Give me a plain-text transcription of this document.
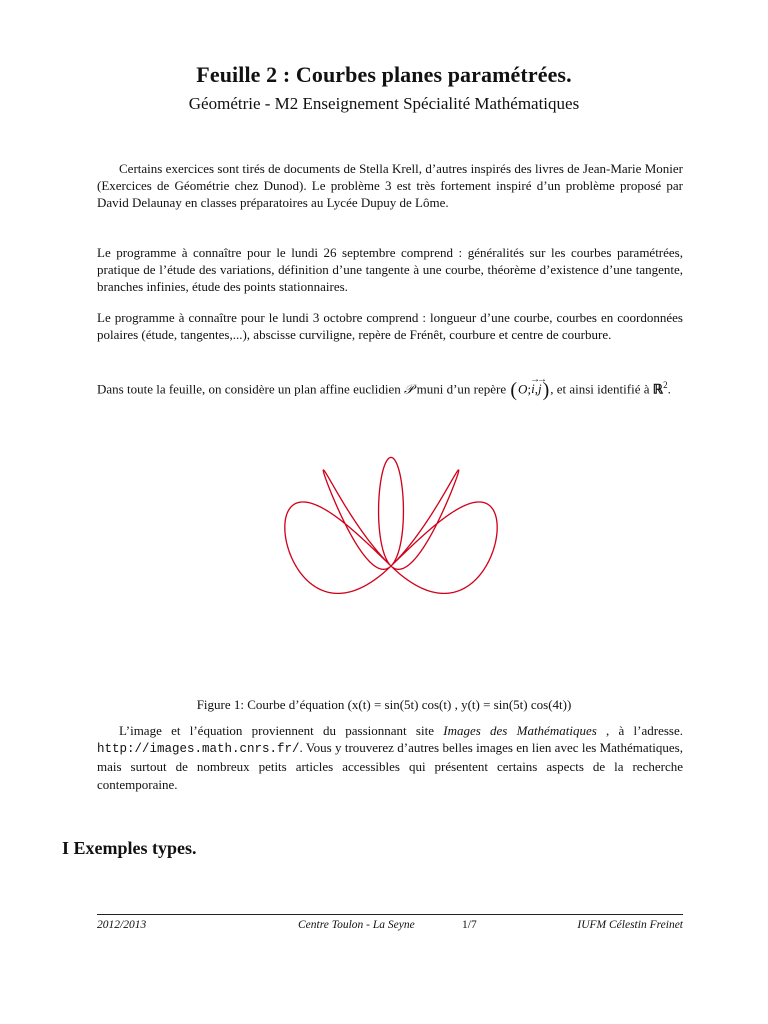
Feuille 2 : Courbes planes paramétrées.
Géométrie - M2 Enseignement Spécialité Mathématiques

Certains exercices sont tirés de documents de Stella Krell, d’autres inspirés des livres de Jean-Marie Monier (Exercices de Géométrie chez Dunod). Le problème 3 est très fortement inspiré d’un problème proposé par David Delaunay en classes préparatoires au Lycée Dupuy de Lôme.

Le programme à connaître pour le lundi 26 septembre comprend : généralités sur les courbes paramétrées, pratique de l’étude des variations, définition d’une tangente à une courbe, théorème d’existence d’une tangente, branches infinies, étude des points stationnaires.

Le programme à connaître pour le lundi 3 octobre comprend : longueur d’une courbe, courbes en coordonnées polaires (étude, tangentes,...), abscisse curviligne, repère de Frénêt, courbure et centre de courbure.

Dans toute la feuille, on considère un plan affine euclidien 𝒫 muni d’un repère (O;→ i,→ j), et ainsi identifié à ℝ$^2$.

Figure 1: Courbe d’équation (x(t) = sin(5t) cos(t) , y(t) = sin(5t) cos(4t))

L’image et l’équation proviennent du passionnant site Images des Mathématiques , à l’adresse. http://images.math.cnrs.fr/. Vous y trouverez d’autres belles images en lien avec les Mathématiques, mais surtout de nombreux petits articles accessibles qui présentent certains aspects de la recherche contemporaine.

I Exemples types.
2012/2013	Centre Toulon - La Seyne	1/7	IUFM Célestin Freinet
